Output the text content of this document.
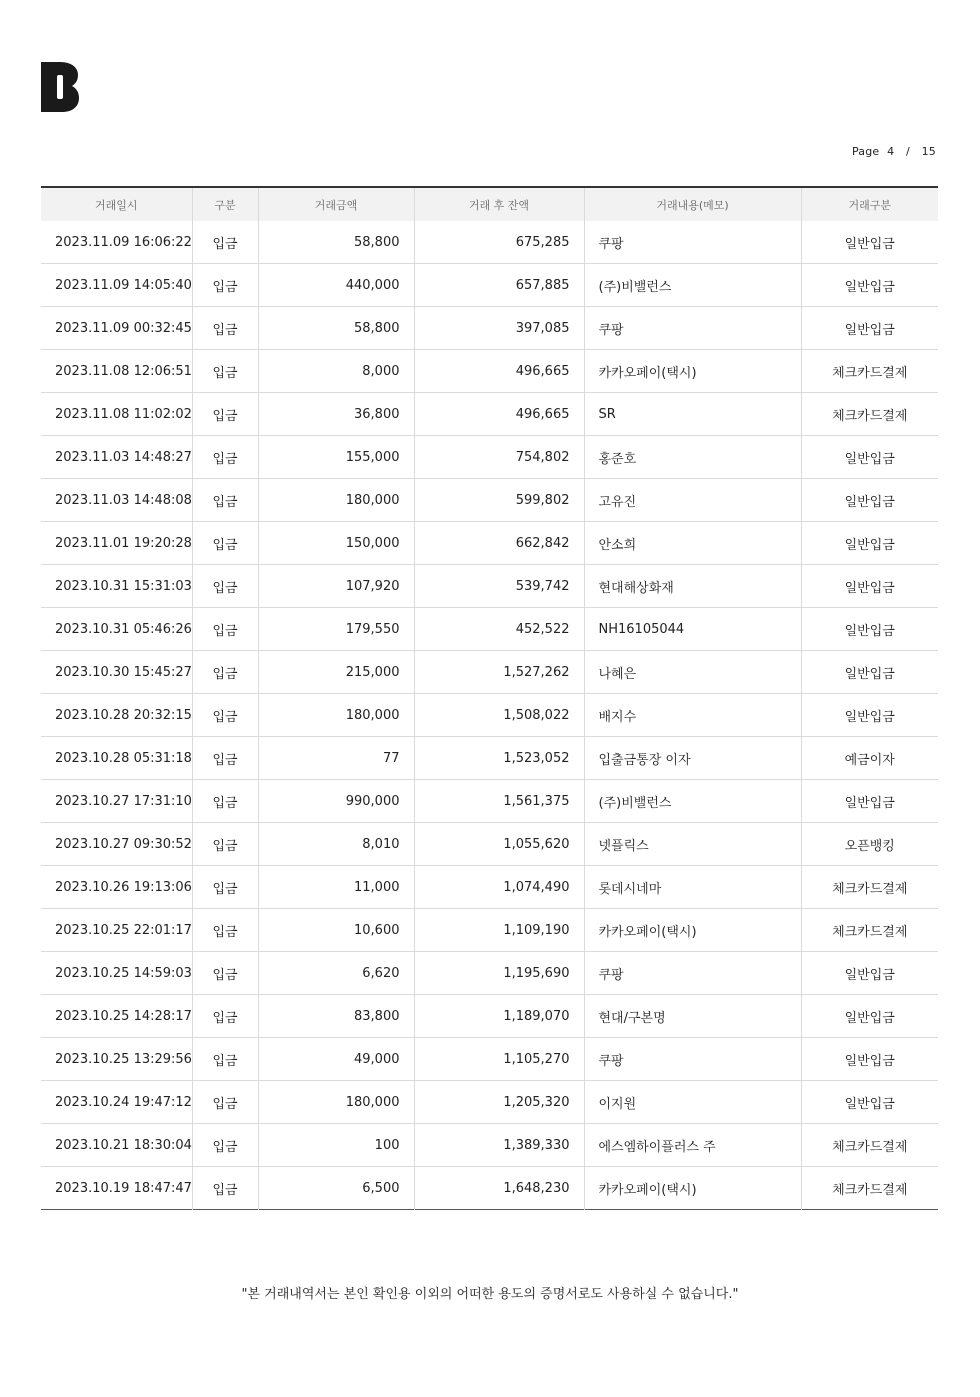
Page 4 / 15
거래일시	구분	거래금액	거래 후 잔액	거래내용(메모)	거래구분
2023.11.09 16:06:22	입금	58,800	675,285	쿠팡	일반입금
2023.11.09 14:05:40	입금	440,000	657,885	(주)비밸런스	일반입금
2023.11.09 00:32:45	입금	58,800	397,085	쿠팡	일반입금
2023.11.08 12:06:51	입금	8,000	496,665	카카오페이(택시)	체크카드결제
2023.11.08 11:02:02	입금	36,800	496,665	SR	체크카드결제
2023.11.03 14:48:27	입금	155,000	754,802	홍준호	일반입금
2023.11.03 14:48:08	입금	180,000	599,802	고유진	일반입금
2023.11.01 19:20:28	입금	150,000	662,842	안소희	일반입금
2023.10.31 15:31:03	입금	107,920	539,742	현대해상화재	일반입금
2023.10.31 05:46:26	입금	179,550	452,522	NH16105044	일반입금
2023.10.30 15:45:27	입금	215,000	1,527,262	나혜은	일반입금
2023.10.28 20:32:15	입금	180,000	1,508,022	배지수	일반입금
2023.10.28 05:31:18	입금	77	1,523,052	입출금통장 이자	예금이자
2023.10.27 17:31:10	입금	990,000	1,561,375	(주)비밸런스	일반입금
2023.10.27 09:30:52	입금	8,010	1,055,620	넷플릭스	오픈뱅킹
2023.10.26 19:13:06	입금	11,000	1,074,490	롯데시네마	체크카드결제
2023.10.25 22:01:17	입금	10,600	1,109,190	카카오페이(택시)	체크카드결제
2023.10.25 14:59:03	입금	6,620	1,195,690	쿠팡	일반입금
2023.10.25 14:28:17	입금	83,800	1,189,070	현대/구본명	일반입금
2023.10.25 13:29:56	입금	49,000	1,105,270	쿠팡	일반입금
2023.10.24 19:47:12	입금	180,000	1,205,320	이지원	일반입금
2023.10.21 18:30:04	입금	100	1,389,330	에스엠하이플러스 주	체크카드결제
2023.10.19 18:47:47	입금	6,500	1,648,230	카카오페이(택시)	체크카드결제
"본 거래내역서는 본인 확인용 이외의 어떠한 용도의 증명서로도 사용하실 수 없습니다."
